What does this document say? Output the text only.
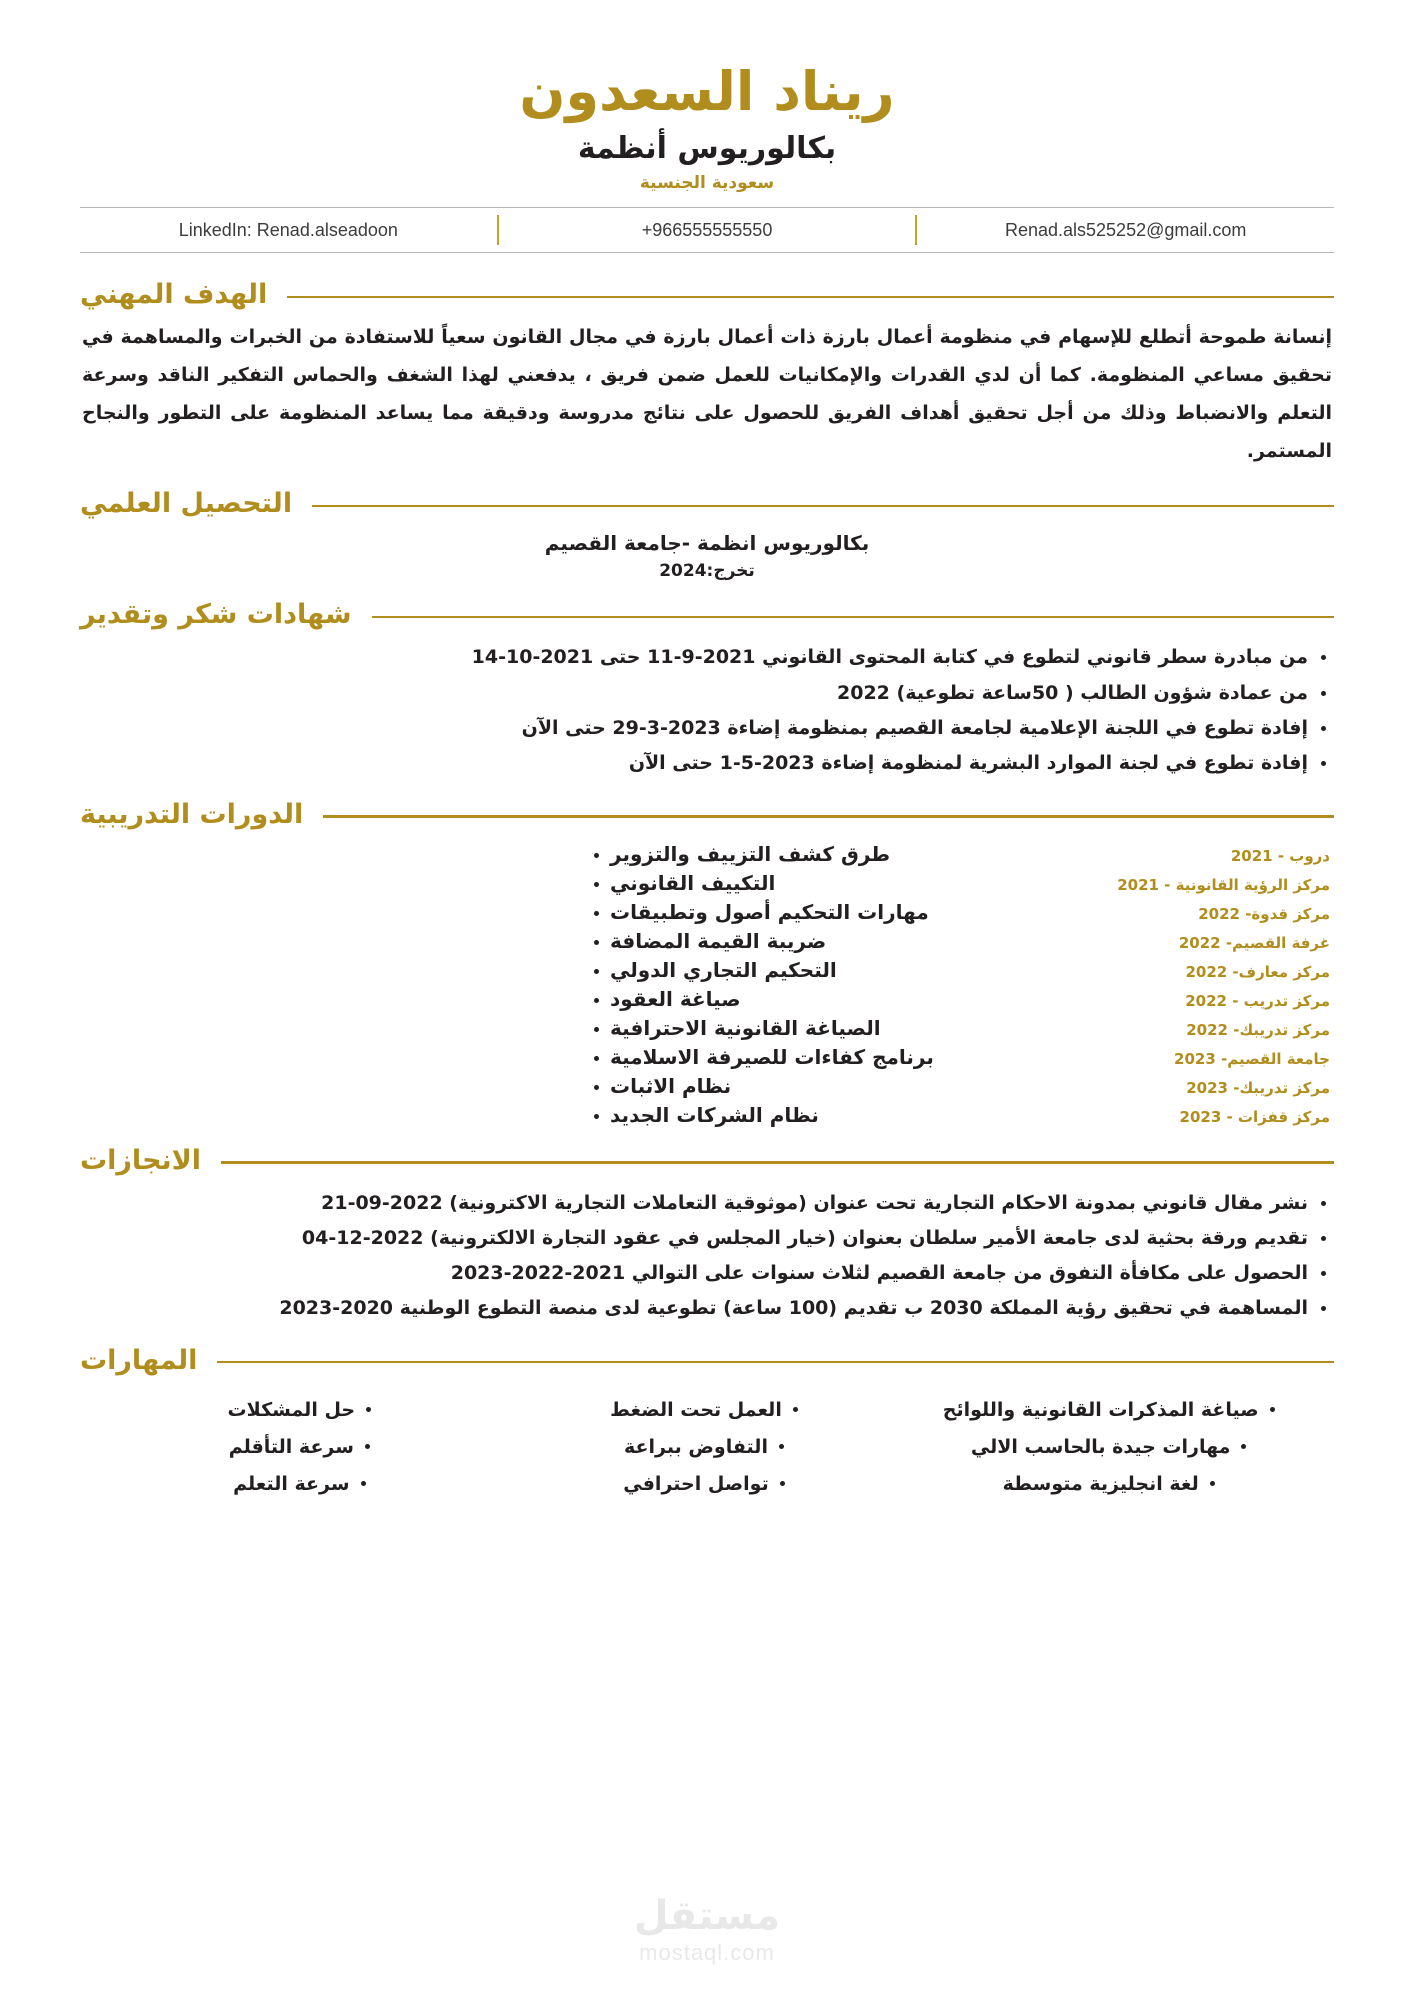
ريناد السعدون
بكالوريوس أنظمة
سعودية الجنسية
LinkedIn: Renad.alseadoon	+966555555550	Renad.als525252@gmail.com
الهدف المهني

إنسانة طموحة أتطلع للإسهام في منظومة أعمال بارزة ذات أعمال بارزة في مجال القانون سعياً للاستفادة من الخبرات والمساهمة في تحقيق مساعي المنظومة. كما أن لدي القدرات والإمكانيات للعمل ضمن فريق ، يدفعني لهذا الشغف والحماس التفكير الناقد وسرعة التعلم والانضباط وذلك من أجل تحقيق أهداف الفريق للحصول على نتائج مدروسة ودقيقة مما يساعد المنظومة على التطور والنجاح المستمر.

التحصيل العلمي
بكالوريوس انظمة -جامعة القصيم
تخرج:2024
شهادات شكر وتقدير
من مبادرة سطر قانوني لتطوع في كتابة المحتوى القانوني 2021-9-11 حتى 2021-10-14
من عمادة شؤون الطالب ( 50ساعة تطوعية) 2022
إفادة تطوع في اللجنة الإعلامية لجامعة القصيم بمنظومة إضاءة 2023-3-29 حتى الآن
إفادة تطوع في لجنة الموارد البشرية لمنظومة إضاءة 2023-5-1 حتى الآن
الدورات التدريبية
دروب - 2021
طرق كشف التزييف والتزوير
مركز الرؤية القانونية - 2021
التكييف القانوني
مركز قدوة- 2022
مهارات التحكيم أصول وتطبيقات
غرفة القصيم- 2022
ضريبة القيمة المضافة
مركز معارف- 2022
التحكيم التجاري الدولي
مركز تدريب - 2022
صياغة العقود
مركز تدريبك- 2022
الصياغة القانونية الاحترافية
جامعة القصيم- 2023
برنامج كفاءات للصيرفة الاسلامية
مركز تدريبك- 2023
نظام الاثبات
مركز قفزات - 2023
نظام الشركات الجديد
الانجازات
نشر مقال قانوني بمدونة الاحكام التجارية تحت عنوان (موثوقية التعاملات التجارية الاكترونية) 2022-09-21
تقديم ورقة بحثية لدى جامعة الأمير سلطان بعنوان (خيار المجلس في عقود التجارة الالكترونية) 2022-12-04
الحصول على مكافأة التفوق من جامعة القصيم لثلاث سنوات على التوالي 2021-2022-2023
المساهمة في تحقيق رؤية المملكة 2030 ب تقديم (100 ساعة) تطوعية لدى منصة التطوع الوطنية 2020-2023
المهارات
صياغة المذكرات القانونية واللوائح
مهارات جيدة بالحاسب الالي
لغة انجليزية متوسطة
العمل تحت الضغط
التفاوض ببراعة
تواصل احترافي
حل المشكلات
سرعة التأقلم
سرعة التعلم
مستقل
mostaql.com
